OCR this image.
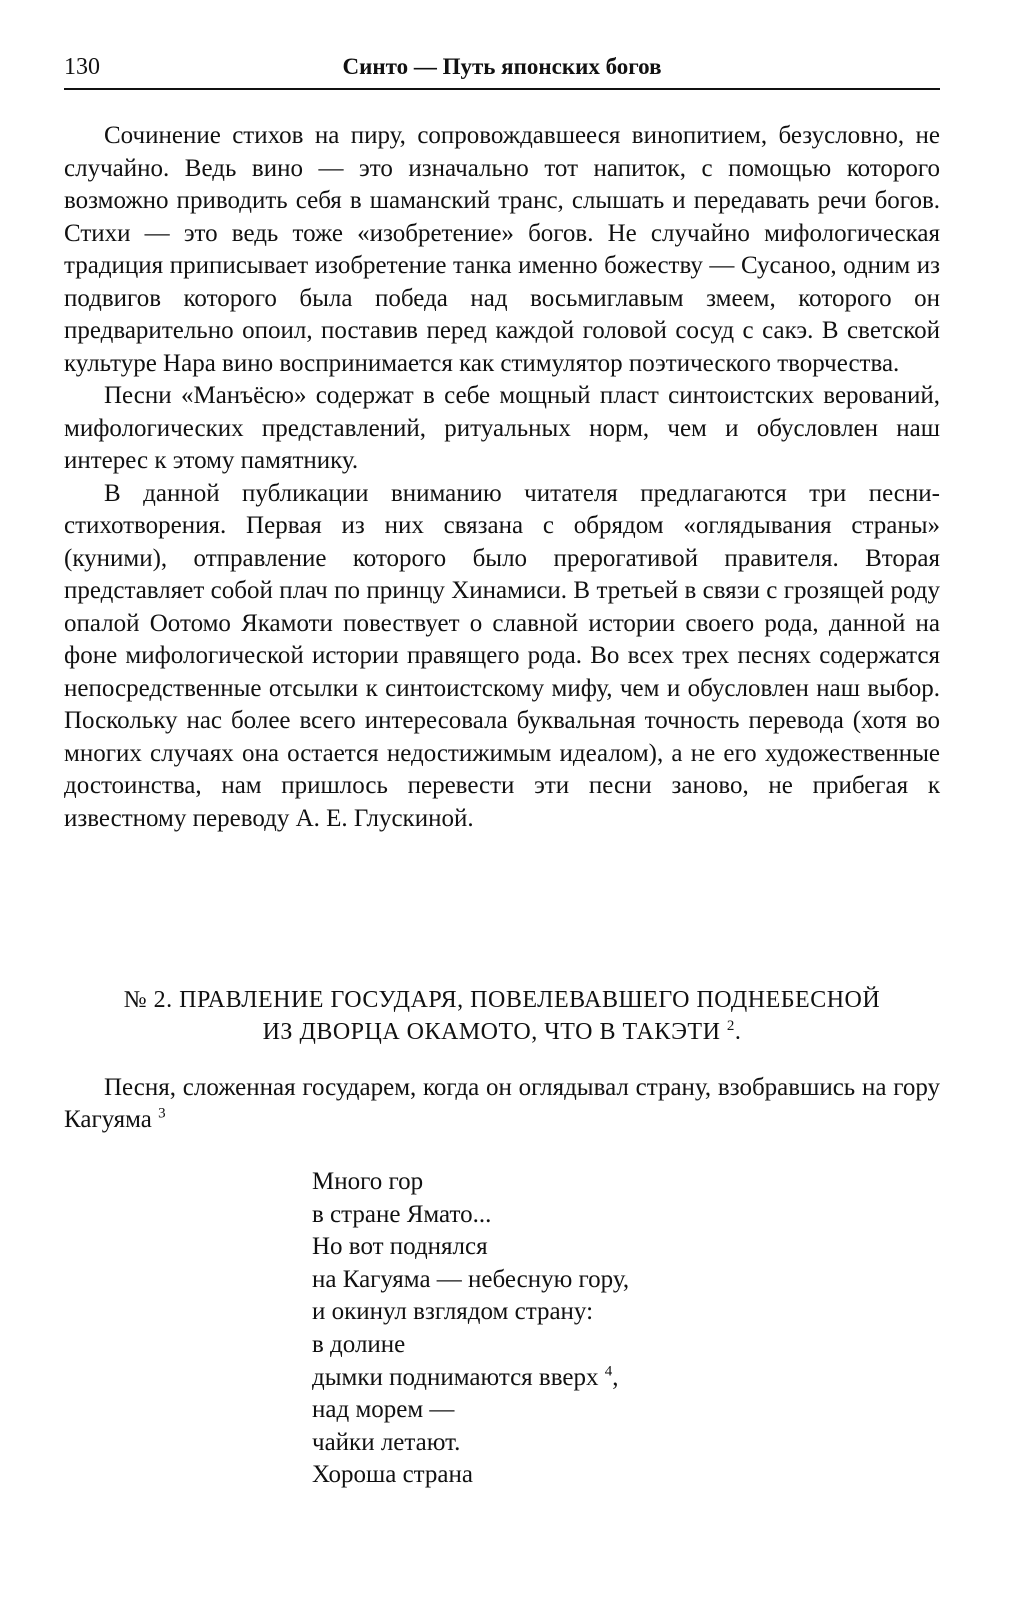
130	Синто — Путь японских богов

Сочинение стихов на пиру, сопровождавшееся винопитием, безусловно, не случайно. Ведь вино — это изначально тот напиток, с помощью которого возможно приводить себя в шаманский транс, слышать и передавать речи богов. Стихи — это ведь тоже «изобретение» богов. Не случайно мифологическая традиция приписывает изобретение танка именно божеству — Сусаноо, одним из подвигов которого была победа над восьмиглавым змеем, которого он предварительно опоил, поставив перед каждой головой сосуд с сакэ. В светской культуре Нара вино воспринимается как стимулятор поэтического творчества.

Песни «Манъёсю» содержат в себе мощный пласт синтоистских верований, мифологических представлений, ритуальных норм, чем и обусловлен наш интерес к этому памятнику.

В данной публикации вниманию читателя предлагаются три песни-стихотворения. Первая из них связана с обрядом «оглядывания страны» (куними), отправление которого было прерогативой правителя. Вторая представляет собой плач по принцу Хинамиси. В третьей в связи с грозящей роду опалой Оотомо Якамоти повествует о славной истории своего рода, данной на фоне мифологической истории правящего рода. Во всех трех песнях содержатся непосредственные отсылки к синтоистскому мифу, чем и обусловлен наш выбор. Поскольку нас более всего интересовала буквальная точность перевода (хотя во многих случаях она остается недостижимым идеалом), а не его художественные достоинства, нам пришлось перевести эти песни заново, не прибегая к известному переводу А. Е. Глускиной.

№ 2. ПРАВЛЕНИЕ ГОСУДАРЯ, ПОВЕЛЕВАВШЕГО ПОДНЕБЕСНОЙ
ИЗ ДВОРЦА ОКАМОТО, ЧТО В ТАКЭТИ $^2$.

Песня, сложенная государем, когда он оглядывал страну, взобравшись на гору Кагуяма $^3$

Много гор
в стране Ямато...
Но вот поднялся
на Кагуяма — небесную гору,
и окинул взглядом страну:
в долине
дымки поднимаются вверх $^4$,
над морем —
чайки летают.
Хороша страна
